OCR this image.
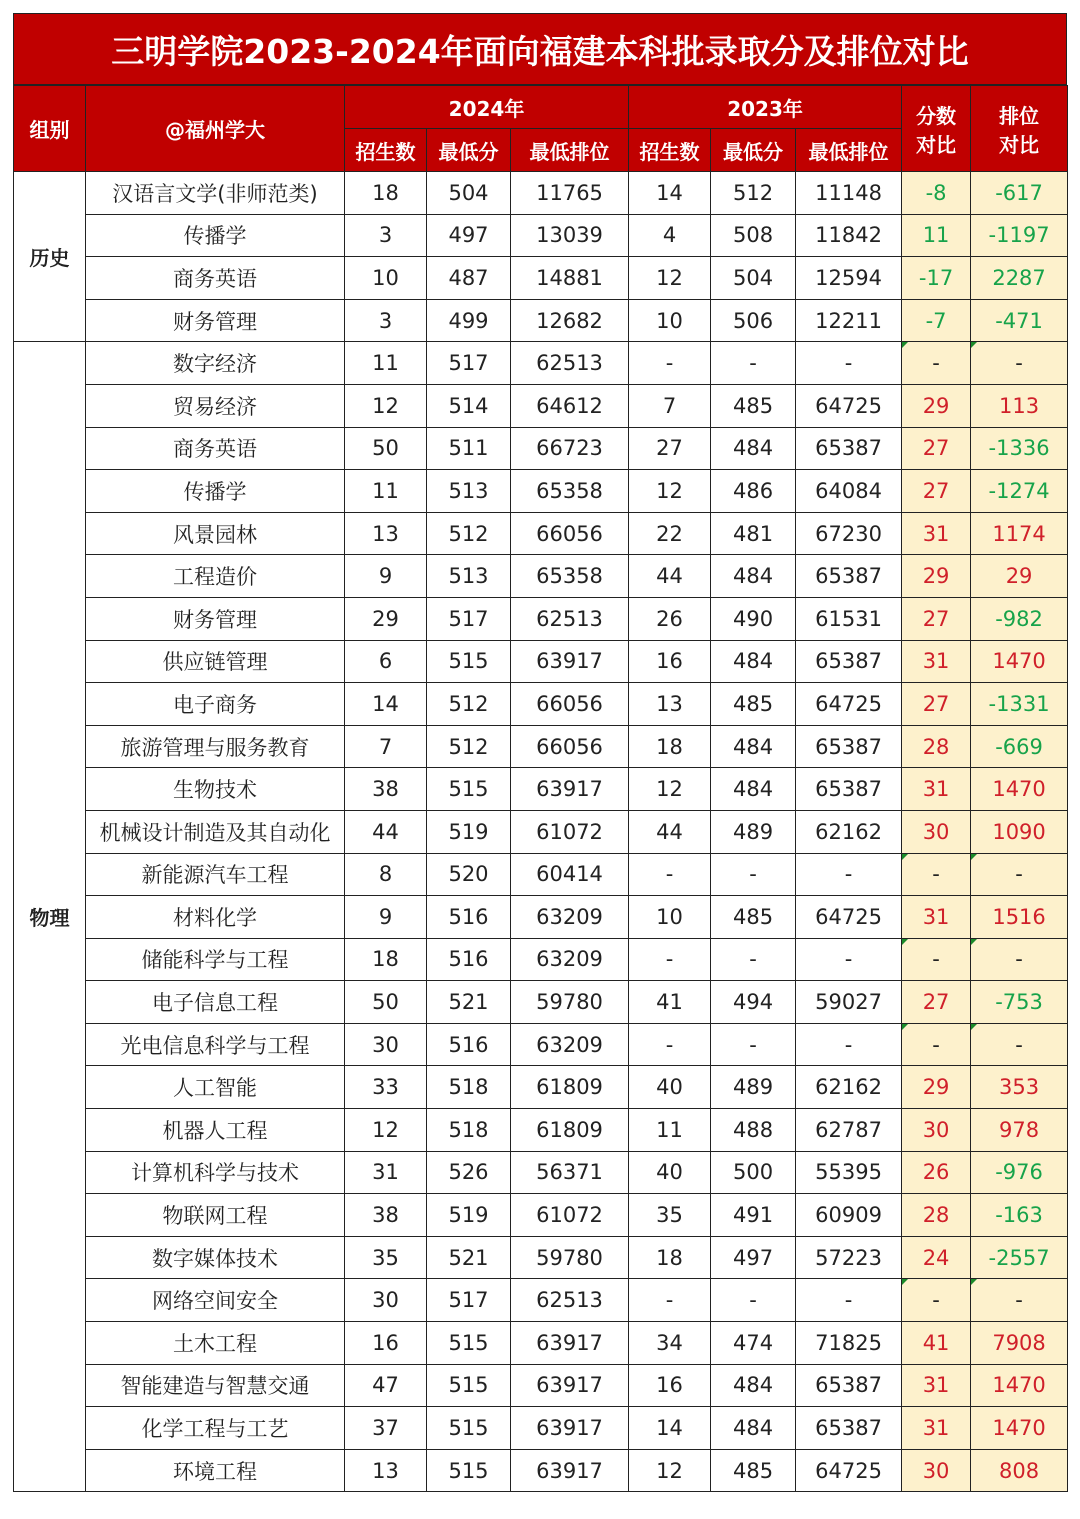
三明学院2023-2024年面向福建本科批录取分及排位对比
组别	@福州学大	2024年			2023年			分数对比	排位对比
		招生数	最低分	最低排位	招生数	最低分	最低排位		
历史	汉语言文学(非师范类)	18	504	11765	14	512	11148	-8	-617
	传播学	3	497	13039	4	508	11842	11	-1197
	商务英语	10	487	14881	12	504	12594	-17	2287
	财务管理	3	499	12682	10	506	12211	-7	-471
物理	数字经济	11	517	62513	-	-	-	-	-

	贸易经济	12	514	64612	7	485	64725	29	113
	商务英语	50	511	66723	27	484	65387	27	-1336
	传播学	11	513	65358	12	486	64084	27	-1274
	风景园林	13	512	66056	22	481	67230	31	1174
	工程造价	9	513	65358	44	484	65387	29	29
	财务管理	29	517	62513	26	490	61531	27	-982
	供应链管理	6	515	63917	16	484	65387	31	1470
	电子商务	14	512	66056	13	485	64725	27	-1331
	旅游管理与服务教育	7	512	66056	18	484	65387	28	-669
	生物技术	38	515	63917	12	484	65387	31	1470
	机械设计制造及其自动化	44	519	61072	44	489	62162	30	1090
	新能源汽车工程	8	520	60414	-	-	-	-	-

	材料化学	9	516	63209	10	485	64725	31	1516
	储能科学与工程	18	516	63209	-	-	-	-	-

	电子信息工程	50	521	59780	41	494	59027	27	-753
	光电信息科学与工程	30	516	63209	-	-	-	-	-

	人工智能	33	518	61809	40	489	62162	29	353
	机器人工程	12	518	61809	11	488	62787	30	978
	计算机科学与技术	31	526	56371	40	500	55395	26	-976
	物联网工程	38	519	61072	35	491	60909	28	-163
	数字媒体技术	35	521	59780	18	497	57223	24	-2557
	网络空间安全	30	517	62513	-	-	-	-	-

	土木工程	16	515	63917	34	474	71825	41	7908
	智能建造与智慧交通	47	515	63917	16	484	65387	31	1470
	化学工程与工艺	37	515	63917	14	484	65387	31	1470
	环境工程	13	515	63917	12	485	64725	30	808
